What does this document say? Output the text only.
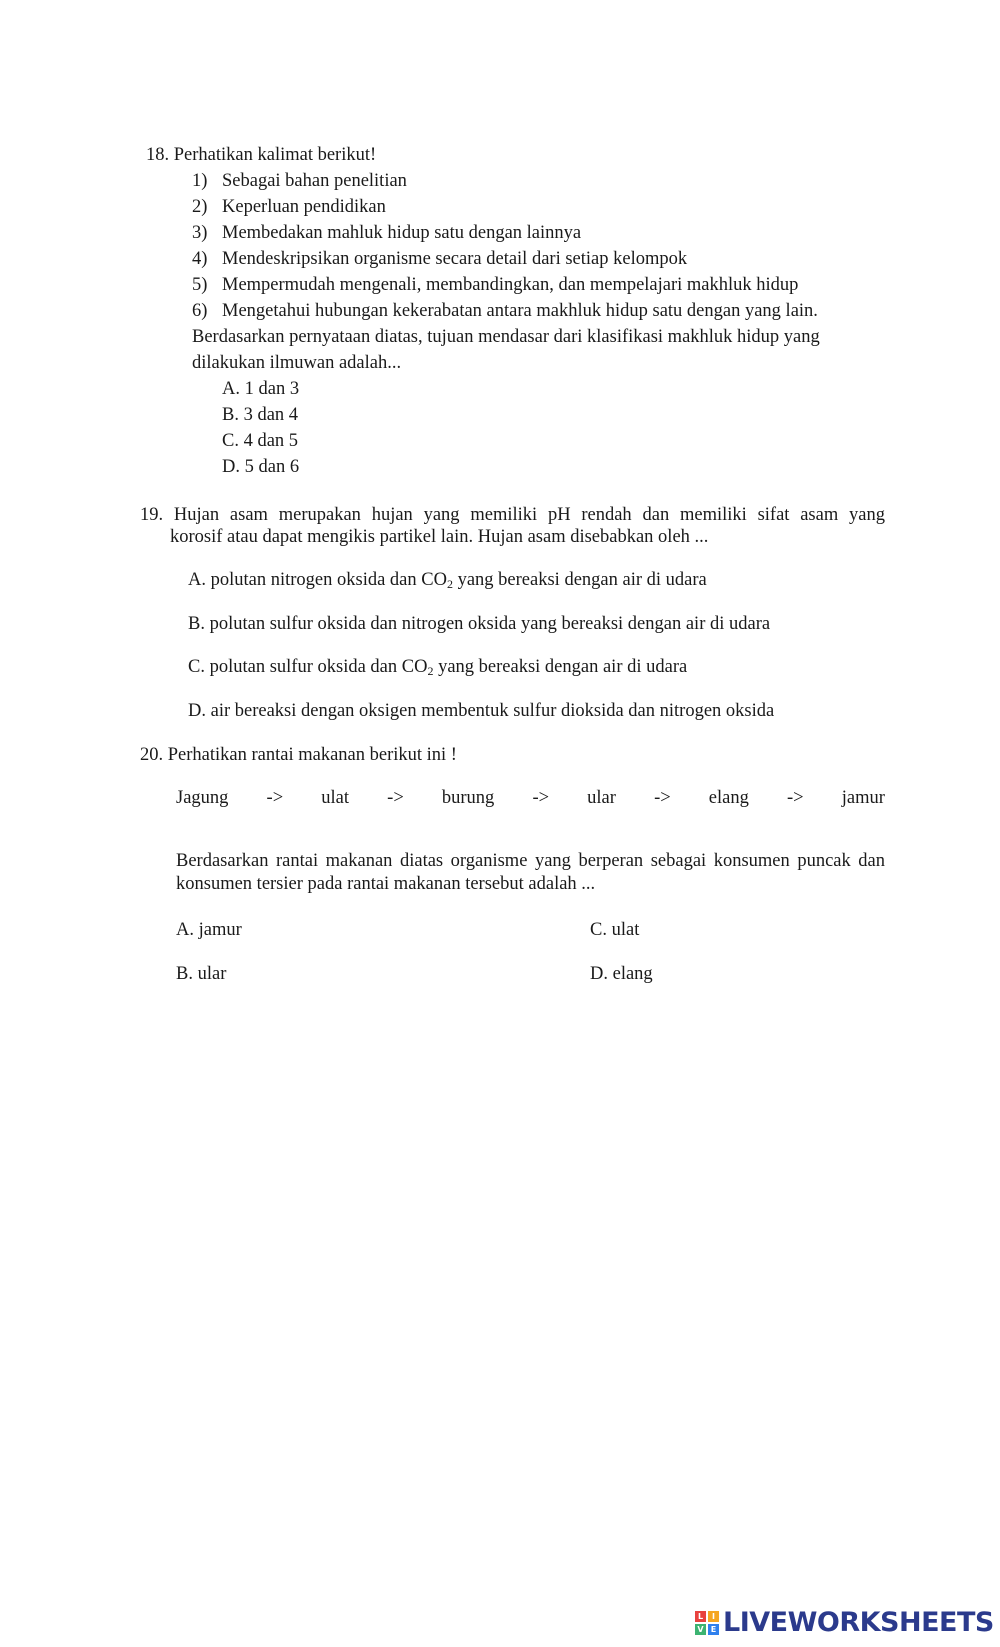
18. Perhatikan kalimat berikut!
1) Sebagai bahan penelitian
2) Keperluan pendidikan
3) Membedakan mahluk hidup satu dengan lainnya
4) Mendeskripsikan organisme secara detail dari setiap kelompok
5) Mempermudah mengenali, membandingkan, dan mempelajari makhluk hidup
6) Mengetahui hubungan kekerabatan antara makhluk hidup satu dengan yang lain.
Berdasarkan pernyataan diatas, tujuan mendasar dari klasifikasi makhluk hidup yang
dilakukan ilmuwan adalah...
A. 1 dan 3
B. 3 dan 4
C. 4 dan 5
D. 5 dan 6
19. Hujan asam merupakan hujan yang memiliki pH rendah dan memiliki sifat asam yang
korosif atau dapat mengikis partikel lain. Hujan asam disebabkan oleh ...
A. polutan nitrogen oksida dan $CO_2$ yang bereaksi dengan air di udara
B. polutan sulfur oksida dan nitrogen oksida yang bereaksi dengan air di udara
C. polutan sulfur oksida dan $CO_2$ yang bereaksi dengan air di udara
D. air bereaksi dengan oksigen membentuk sulfur dioksida dan nitrogen oksida
20. Perhatikan rantai makanan berikut ini !
Jagung -> ulat -> burung -> ular -> elang -> jamur
Berdasarkan rantai makanan diatas organisme yang berperan sebagai konsumen puncak dan konsumen tersier pada rantai makanan tersebut adalah ...
A. jamur	C. ulat
B. ular	D. elang
L	I
V E LIVEWORKSHEETS
